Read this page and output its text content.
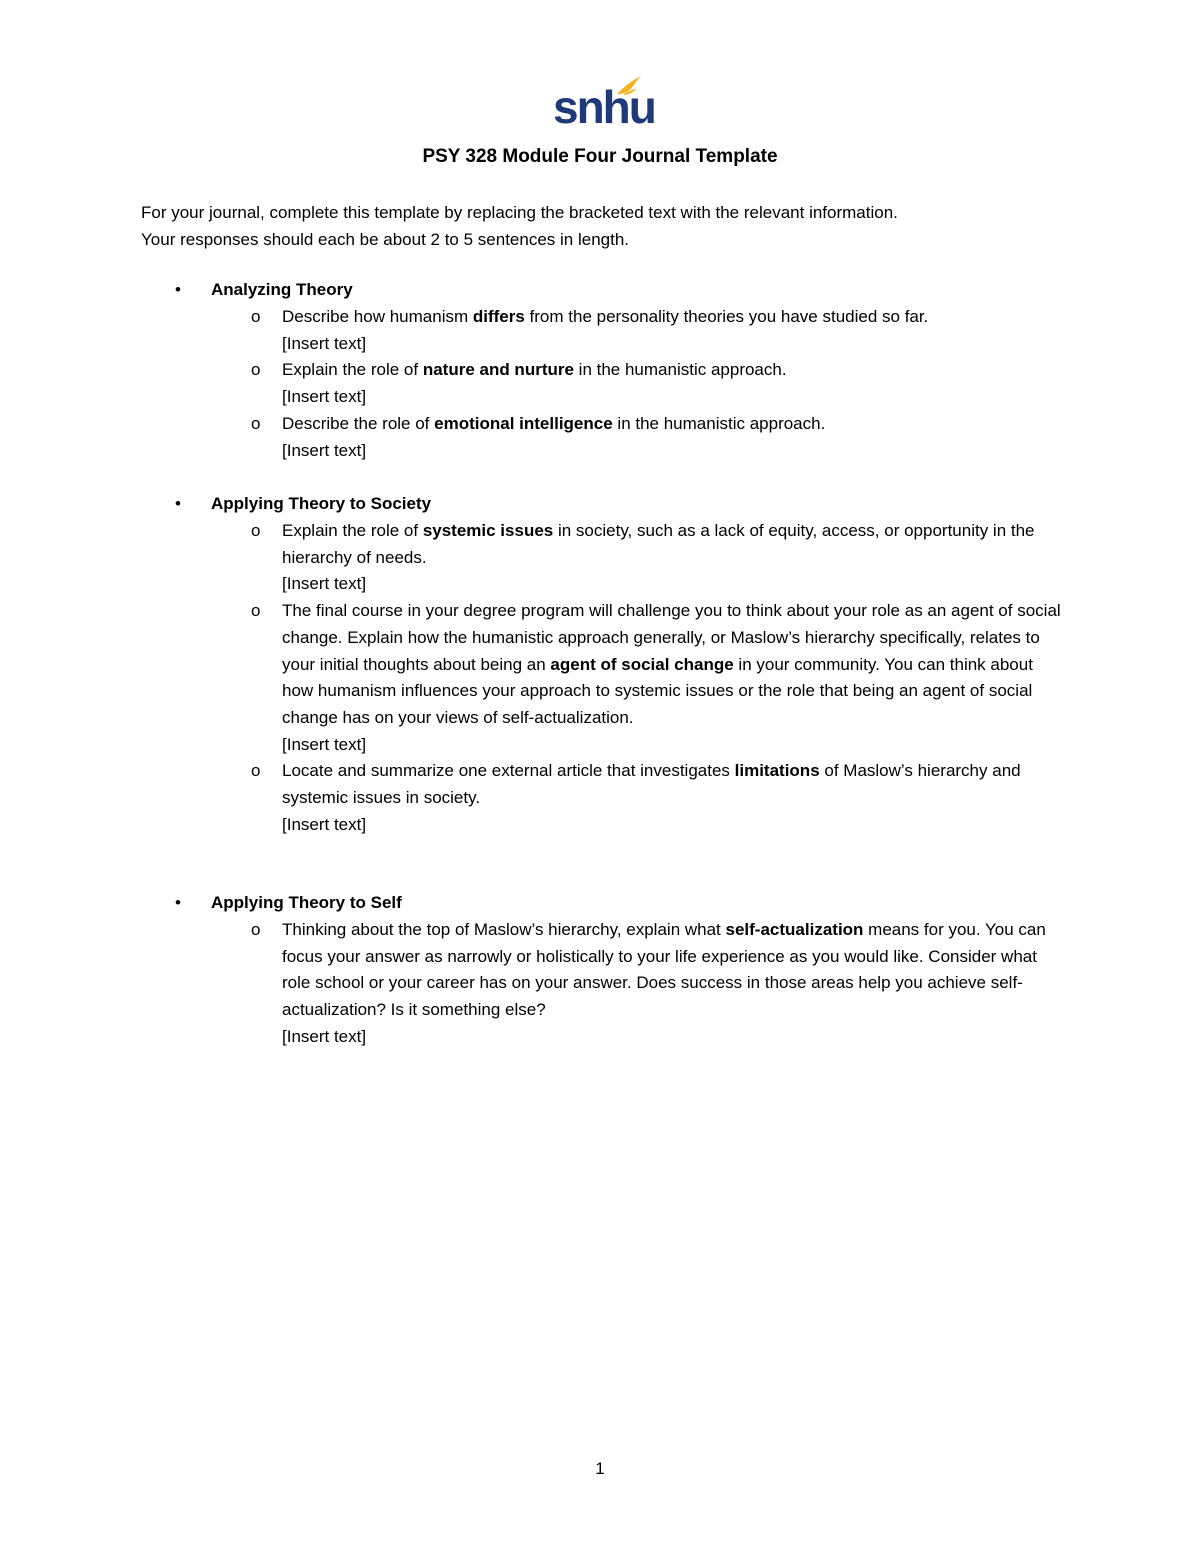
snhu
PSY 328 Module Four Journal Template

For your journal, complete this template by replacing the bracketed text with the relevant information.

Your responses should each be about 2 to 5 sentences in length.

• Analyzing Theory
o Describe how humanism differs from the personality theories you have studied so far.

[Insert text]

o Explain the role of nature and nurture in the humanistic approach.

[Insert text]

o Describe the role of emotional intelligence in the humanistic approach.

[Insert text]

• Applying Theory to Society
o Explain the role of systemic issues in society, such as a lack of equity, access, or opportunity in the hierarchy of needs.

[Insert text]

o The final course in your degree program will challenge you to think about your role as an agent of social change. Explain how the humanistic approach generally, or Maslow’s hierarchy specifically, relates to your initial thoughts about being an agent of social change in your community. You can think about how humanism influences your approach to systemic issues or the role that being an agent of social change has on your views of self-actualization.

[Insert text]

o Locate and summarize one external article that investigates limitations of Maslow’s hierarchy and systemic issues in society.

[Insert text]

• Applying Theory to Self
o Thinking about the top of Maslow’s hierarchy, explain what self-actualization means for you. You can focus your answer as narrowly or holistically to your life experience as you would like. Consider what role school or your career has on your answer. Does success in those areas help you achieve self-actualization? Is it something else?

[Insert text]

1
